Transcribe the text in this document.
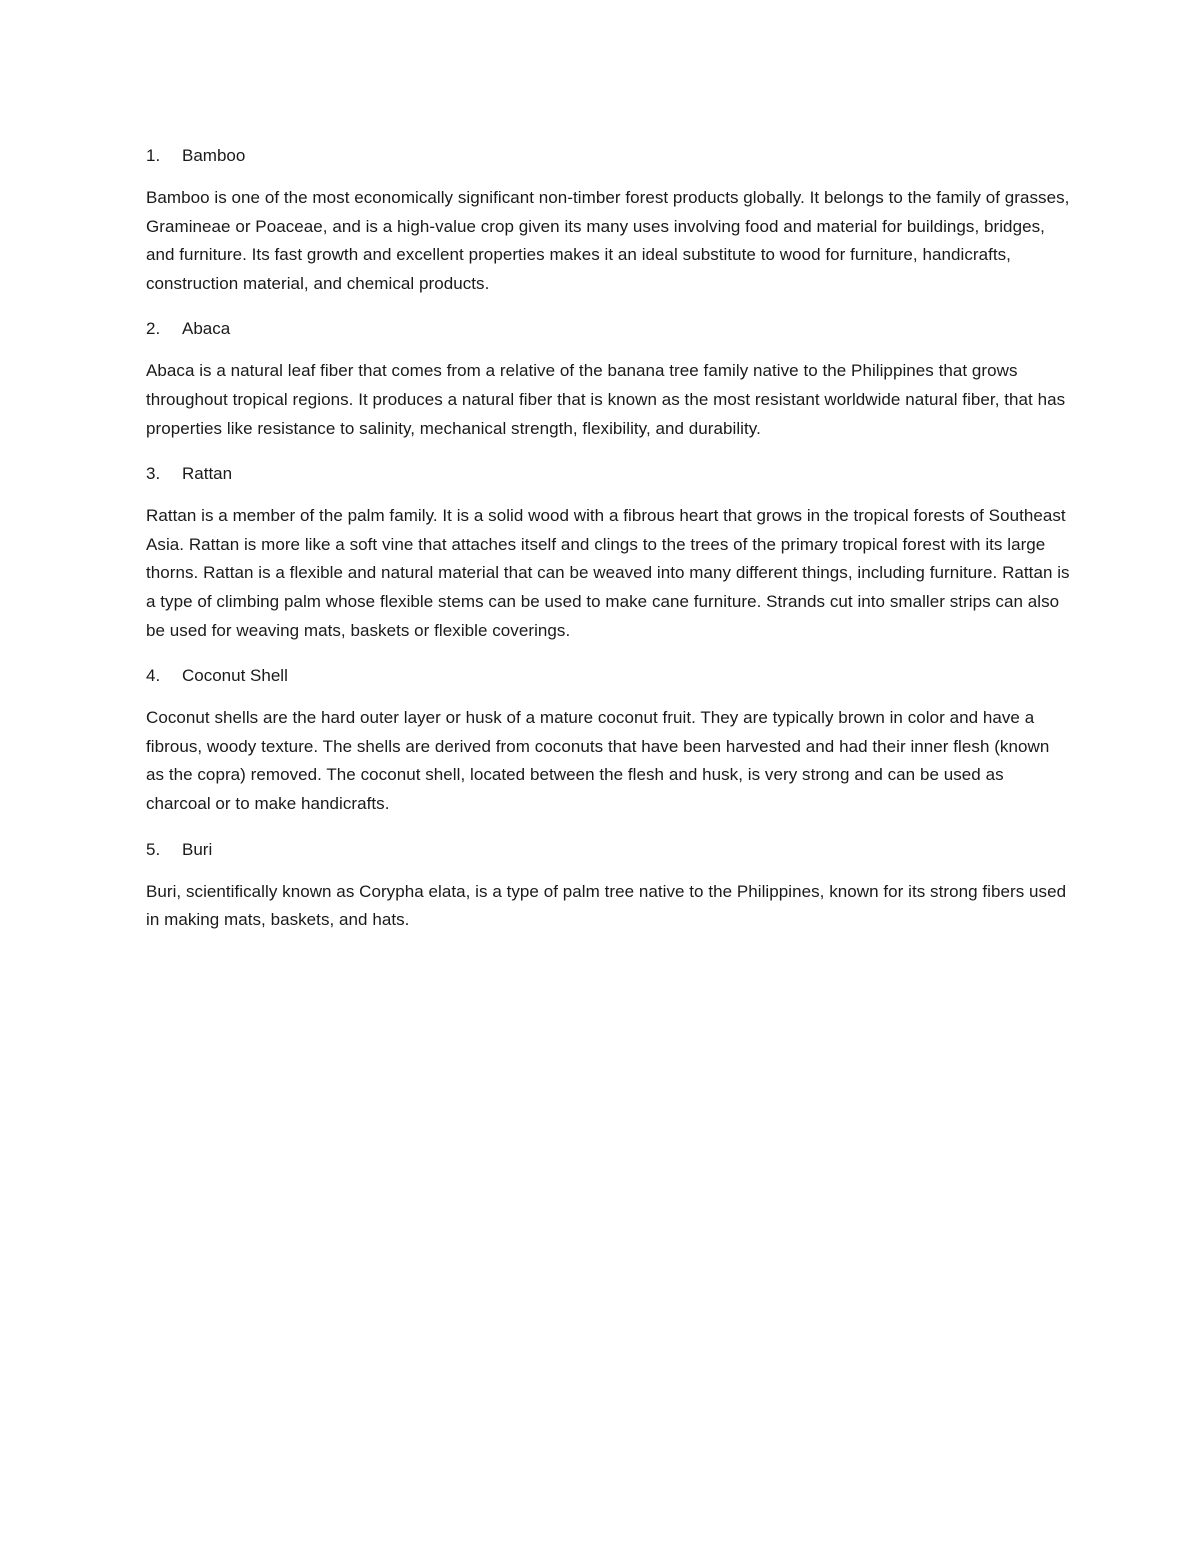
1.	Bamboo

Bamboo is one of the most economically significant non-timber forest products globally. It belongs to the family of grasses, Gramineae or Poaceae, and is a high-value crop given its many uses involving food and material for buildings, bridges, and furniture. Its fast growth and excellent properties makes it an ideal substitute to wood for furniture, handicrafts, construction material, and chemical products.

2.	Abaca

Abaca is a natural leaf fiber that comes from a relative of the banana tree family native to the Philippines that grows throughout tropical regions. It produces a natural fiber that is known as the most resistant worldwide natural fiber, that has properties like resistance to salinity, mechanical strength, flexibility, and durability.

3.	Rattan

Rattan is a member of the palm family. It is a solid wood with a fibrous heart that grows in the tropical forests of Southeast Asia. Rattan is more like a soft vine that attaches itself and clings to the trees of the primary tropical forest with its large thorns. Rattan is a flexible and natural material that can be weaved into many different things, including furniture. Rattan is a type of climbing palm whose flexible stems can be used to make cane furniture. Strands cut into smaller strips can also be used for weaving mats, baskets or flexible coverings.

4.	Coconut Shell

Coconut shells are the hard outer layer or husk of a mature coconut fruit. They are typically brown in color and have a fibrous, woody texture. The shells are derived from coconuts that have been harvested and had their inner flesh (known as the copra) removed. The coconut shell, located between the flesh and husk, is very strong and can be used as charcoal or to make handicrafts.

5.	Buri

Buri, scientifically known as Corypha elata, is a type of palm tree native to the Philippines, known for its strong fibers used in making mats, baskets, and hats.
